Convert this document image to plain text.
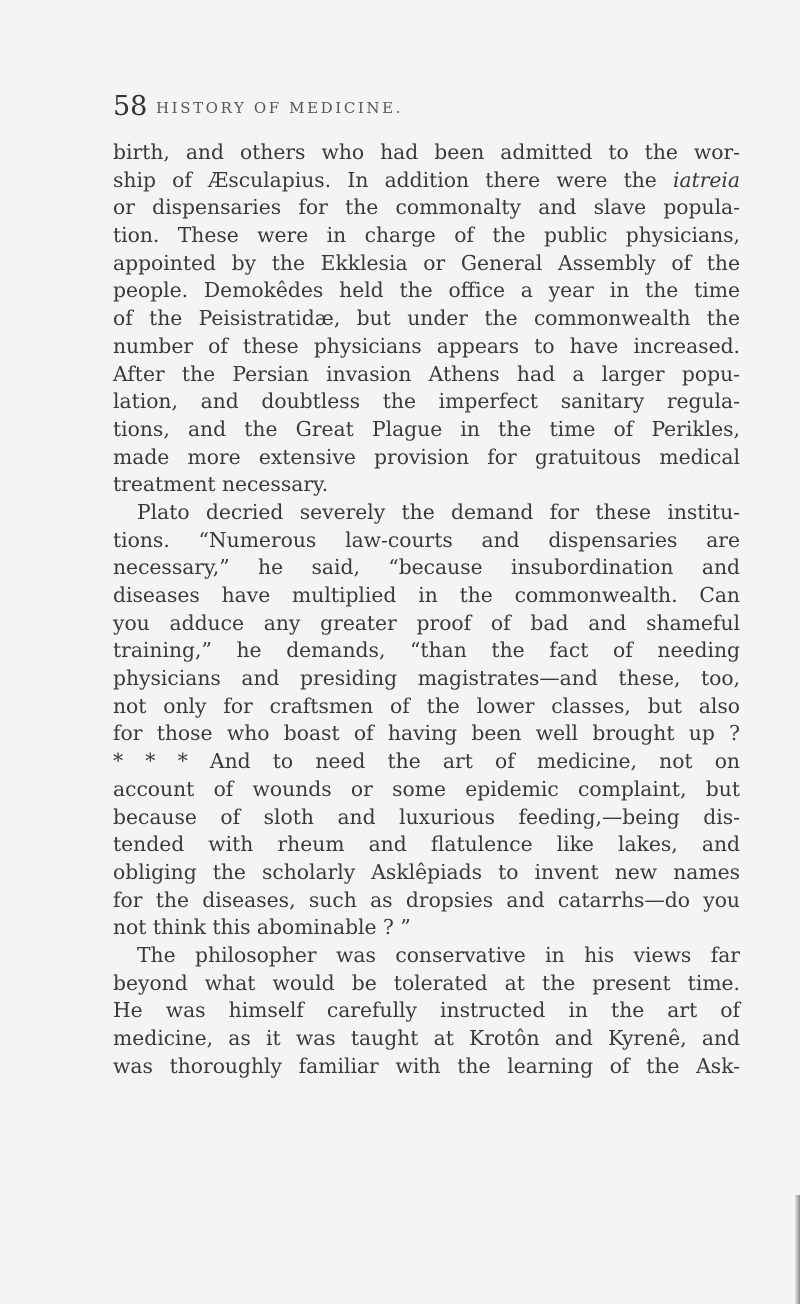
58 HISTORY OF MEDICINE.
birth, and others who had been admitted to the wor-
ship of Æsculapius. In addition there were the iatreia
or dispensaries for the commonalty and slave popula-
tion. These were in charge of the public physicians,
appointed by the Ekklesia or General Assembly of the
people. Demokêdes held the office a year in the time
of the Peisistratidæ, but under the commonwealth the
number of these physicians appears to have increased.
After the Persian invasion Athens had a larger popu-
lation, and doubtless the imperfect sanitary regula-
tions, and the Great Plague in the time of Perikles,
made more extensive provision for gratuitous medical
treatment necessary.
Plato decried severely the demand for these institu-
tions. “Numerous law-courts and dispensaries are
necessary,” he said, “because insubordination and
diseases have multiplied in the commonwealth. Can
you adduce any greater proof of bad and shameful
training,” he demands, “than the fact of needing
physicians and presiding magistrates—and these, too,
not only for craftsmen of the lower classes, but also
for those who boast of having been well brought up ?
* * * And to need the art of medicine, not on
account of wounds or some epidemic complaint, but
because of sloth and luxurious feeding,—being dis-
tended with rheum and flatulence like lakes, and
obliging the scholarly Asklêpiads to invent new names
for the diseases, such as dropsies and catarrhs—do you
not think this abominable ? ”
The philosopher was conservative in his views far
beyond what would be tolerated at the present time.
He was himself carefully instructed in the art of
medicine, as it was taught at Krotôn and Kyrenê, and
was thoroughly familiar with the learning of the Ask-
